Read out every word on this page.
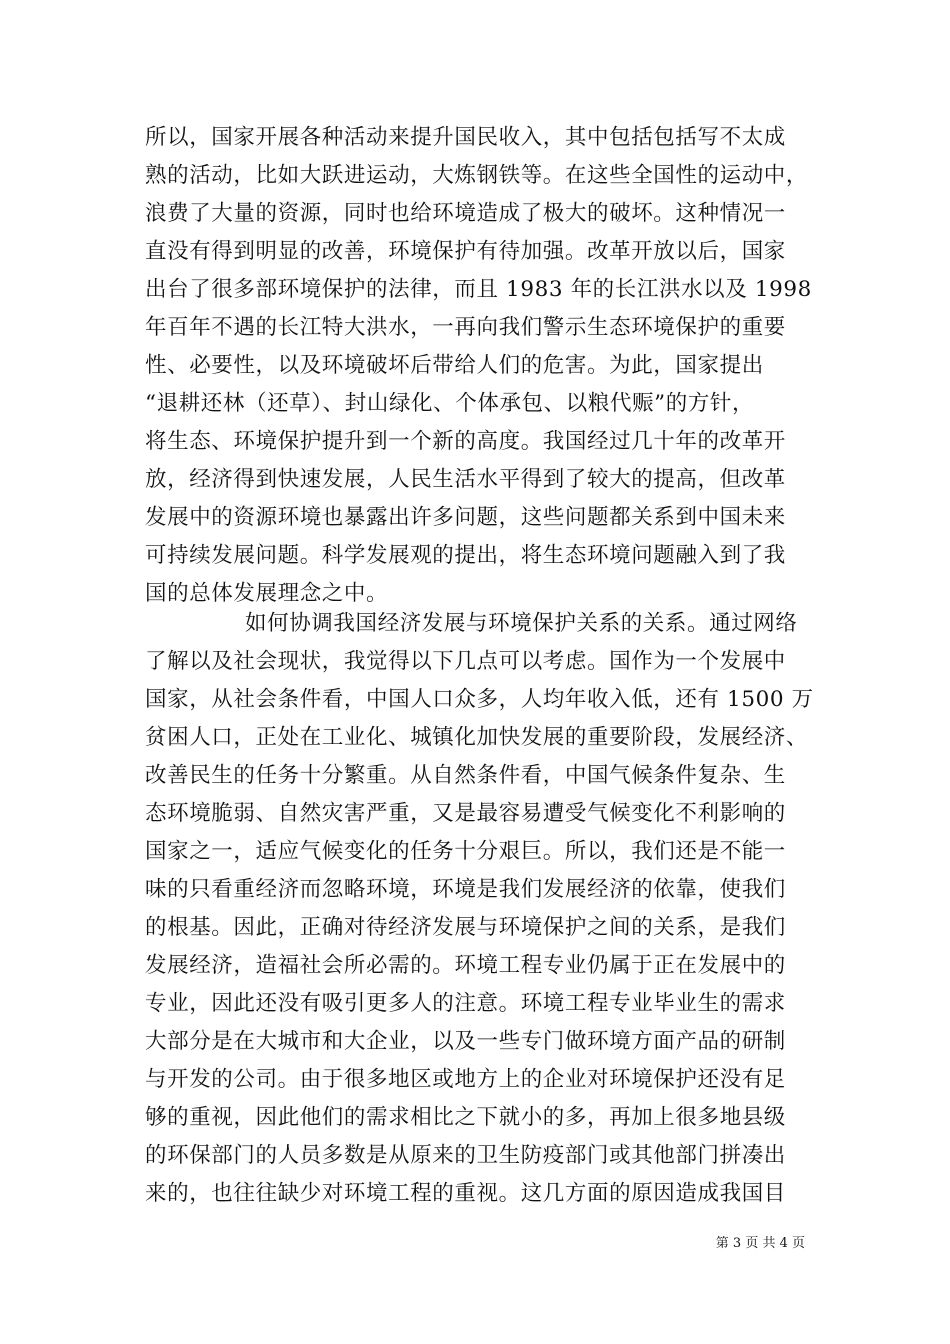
所以，国家开展各种活动来提升国民收入，其中包括包括写不太成
熟的活动，比如大跃进运动，大炼钢铁等。在这些全国性的运动中，
浪费了大量的资源，同时也给环境造成了极大的破坏。这种情况一
直没有得到明显的改善，环境保护有待加强。改革开放以后，国家
出台了很多部环境保护的法律，而且 1983 年的长江洪水以及 1998
年百年不遇的长江特大洪水，一再向我们警示生态环境保护的重要
性、必要性，以及环境破坏后带给人们的危害。为此，国家提出
“退耕还林（还草）、封山绿化、个体承包、以粮代赈”的方针，
将生态、环境保护提升到一个新的高度。我国经过几十年的改革开
放，经济得到快速发展，人民生活水平得到了较大的提高，但改革
发展中的资源环境也暴露出许多问题，这些问题都关系到中国未来
可持续发展问题。科学发展观的提出，将生态环境问题融入到了我
国的总体发展理念之中。
如何协调我国经济发展与环境保护关系的关系。通过网络
了解以及社会现状，我觉得以下几点可以考虑。国作为一个发展中
国家，从社会条件看，中国人口众多，人均年收入低，还有 1500 万
贫困人口，正处在工业化、城镇化加快发展的重要阶段，发展经济、
改善民生的任务十分繁重。从自然条件看，中国气候条件复杂、生
态环境脆弱、自然灾害严重，又是最容易遭受气候变化不利影响的
国家之一，适应气候变化的任务十分艰巨。所以，我们还是不能一
味的只看重经济而忽略环境，环境是我们发展经济的依靠，使我们
的根基。因此，正确对待经济发展与环境保护之间的关系，是我们
发展经济，造福社会所必需的。环境工程专业仍属于正在发展中的
专业，因此还没有吸引更多人的注意。环境工程专业毕业生的需求
大部分是在大城市和大企业，以及一些专门做环境方面产品的研制
与开发的公司。由于很多地区或地方上的企业对环境保护还没有足
够的重视，因此他们的需求相比之下就小的多，再加上很多地县级
的环保部门的人员多数是从原来的卫生防疫部门或其他部门拼凑出
来的，也往往缺少对环境工程的重视。这几方面的原因造成我国目
第 3 页 共 4 页
